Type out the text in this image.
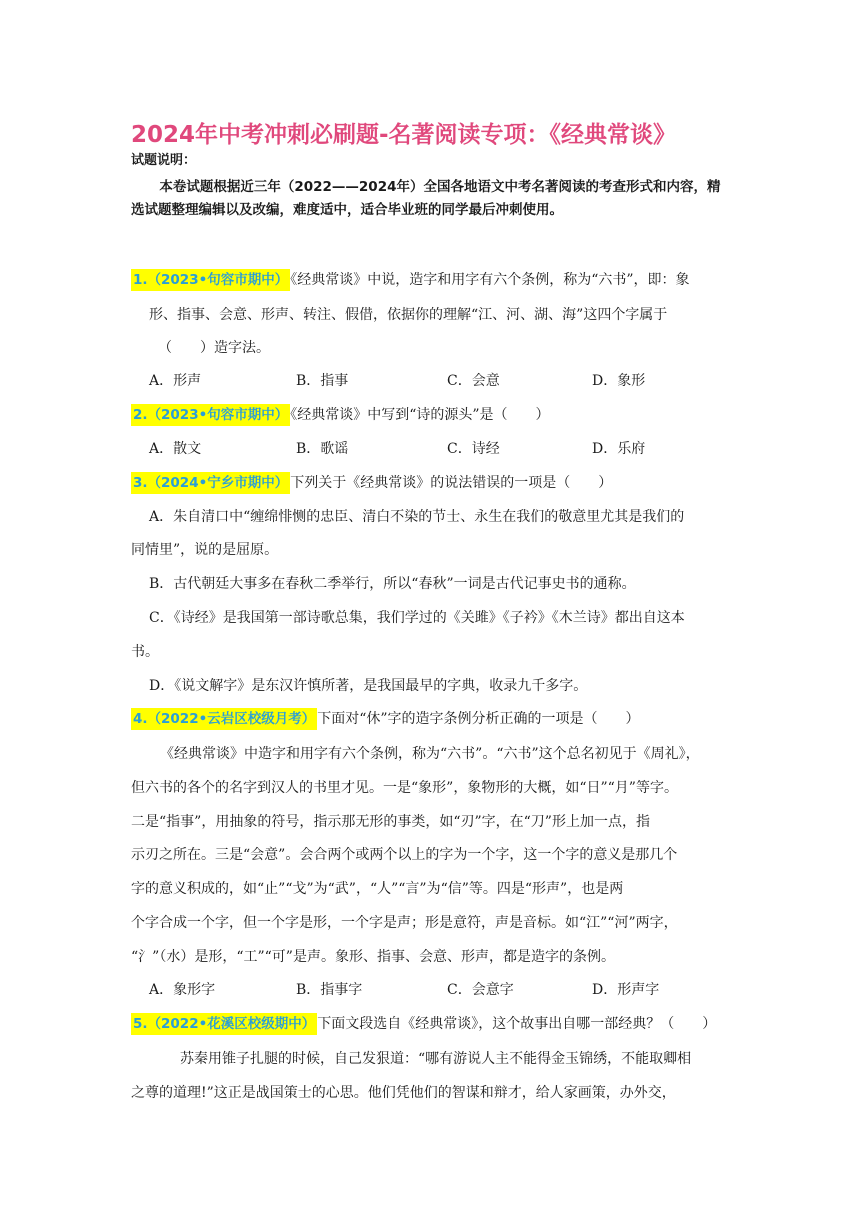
2024年中考冲刺必刷题-名著阅读专项：《经典常谈》
试题说明：
本卷试题根据近三年（2022——2024年）全国各地语文中考名著阅读的考查形式和内容，精选试题整理编辑以及改编，难度适中，适合毕业班的同学最后冲刺使用。
1.（2023•句容市期中） 《经典常谈》中说，造字和用字有六个条例，称为“六书”，即：象
形、指事、会意、形声、转注、假借，依据你的理解“江、河、湖、海”这四个字属于
（　　）造字法。
A．形声	B．指事	C．会意	D．象形
2.（2023•句容市期中） 《经典常谈》中写到“诗的源头”是（　　）
A．散文	B．歌谣	C．诗经	D．乐府
3.（2024•宁乡市期中） 下列关于《经典常谈》的说法错误的一项是（　　）
A．朱自清口中“缠绵悱恻的忠臣、清白不染的节士、永生在我们的敬意里尤其是我们的
同情里”，说的是屈原。
B．古代朝廷大事多在春秋二季举行，所以“春秋”一词是古代记事史书的通称。
C．《诗经》是我国第一部诗歌总集，我们学过的《关雎》《子衿》《木兰诗》都出自这本
书。
D．《说文解字》是东汉许慎所著，是我国最早的字典，收录九千多字。
4.（2022•云岩区校级月考） 下面对“休”字的造字条例分析正确的一项是（　　）
《经典常谈》中造字和用字有六个条例，称为“六书”。“六书”这个总名初见于《周礼》，
但六书的各个的名字到汉人的书里才见。一是“象形”，象物形的大概，如“日”“月”等字。
二是“指事”，用抽象的符号，指示那无形的事类，如“刃”字，在“刀”形上加一点，指
示刃之所在。三是“会意”。会合两个或两个以上的字为一个字，这一个字的意义是那几个
字的意义积成的，如“止”“戈”为“武”，“人”“言”为“信”等。四是“形声”，也是两
个字合成一个字，但一个字是形，一个字是声；形是意符，声是音标。如“江”“河”两字，
“氵”（水）是形，“工”“可”是声。象形、指事、会意、形声，都是造字的条例。
A．象形字	B．指事字	C．会意字	D．形声字
5.（2022•花溪区校级期中） 下面文段选自《经典常谈》，这个故事出自哪一部经典？（　　）
苏秦用锥子扎腿的时候，自己发狠道：“哪有游说人主不能得金玉锦绣，不能取卿相
之尊的道理!”这正是战国策士的心思。他们凭他们的智谋和辩才，给人家画策，办外交，
